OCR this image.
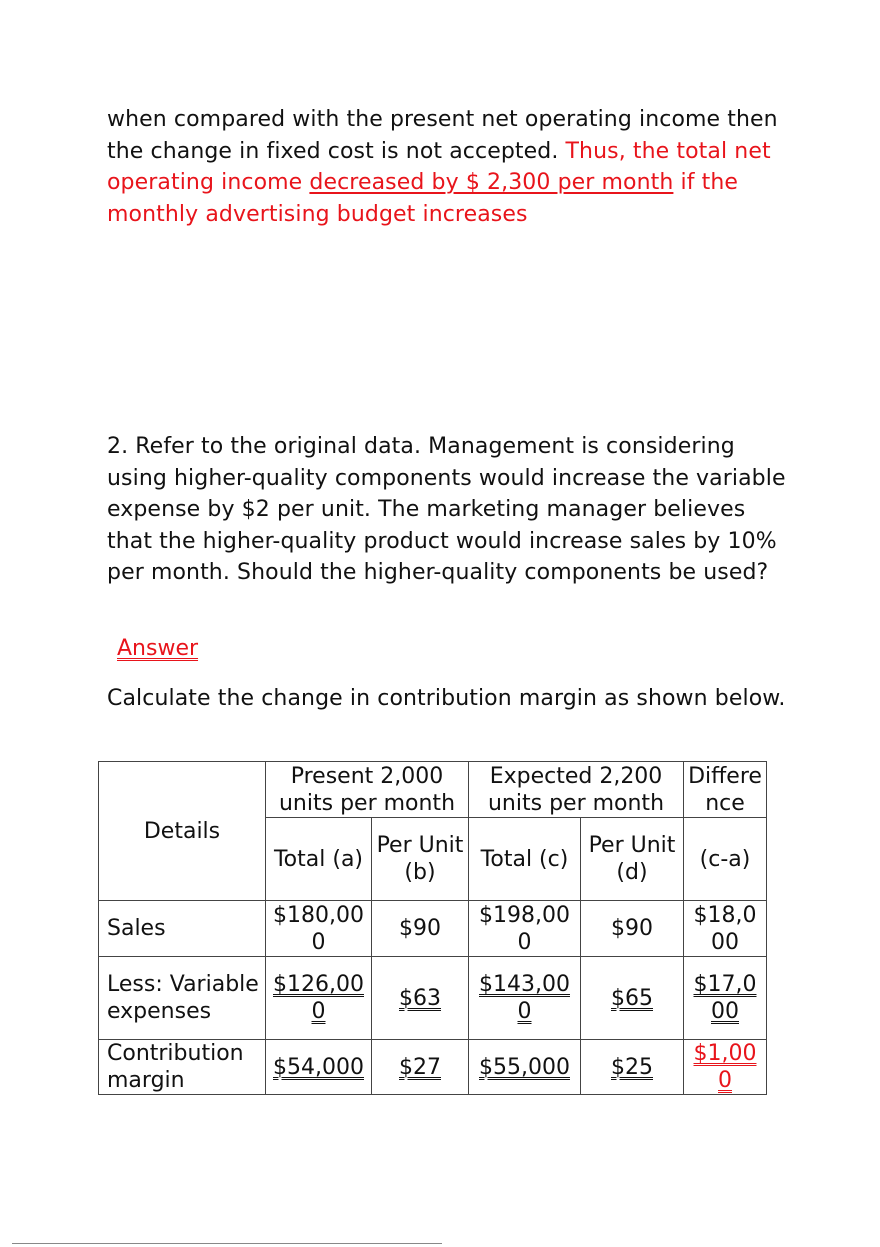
when compared with the present net operating income then the change in fixed cost is not accepted. Thus, the total net operating income decreased by $ 2,300 per month if the monthly advertising budget increases
2. Refer to the original data. Management is considering using higher-quality components would increase the variable expense by $2 per unit. The marketing manager believes that the higher-quality product would increase sales by 10% per month. Should the higher-quality components be used?
Answer
Calculate the change in contribution margin as shown below.
Details	Present 2,000 units per month		Expected 2,200 units per month		Difference
	Total (a)	Per Unit (b)	Total (c)	Per Unit (d)	(c-a)
Sales	$180,000	$90	$198,000	$90	$18,000
Less: Variable expenses	$126,000	$63	$143,000	$65	$17,000
Contribution margin	$54,000	$27	$55,000	$25	$1,000
